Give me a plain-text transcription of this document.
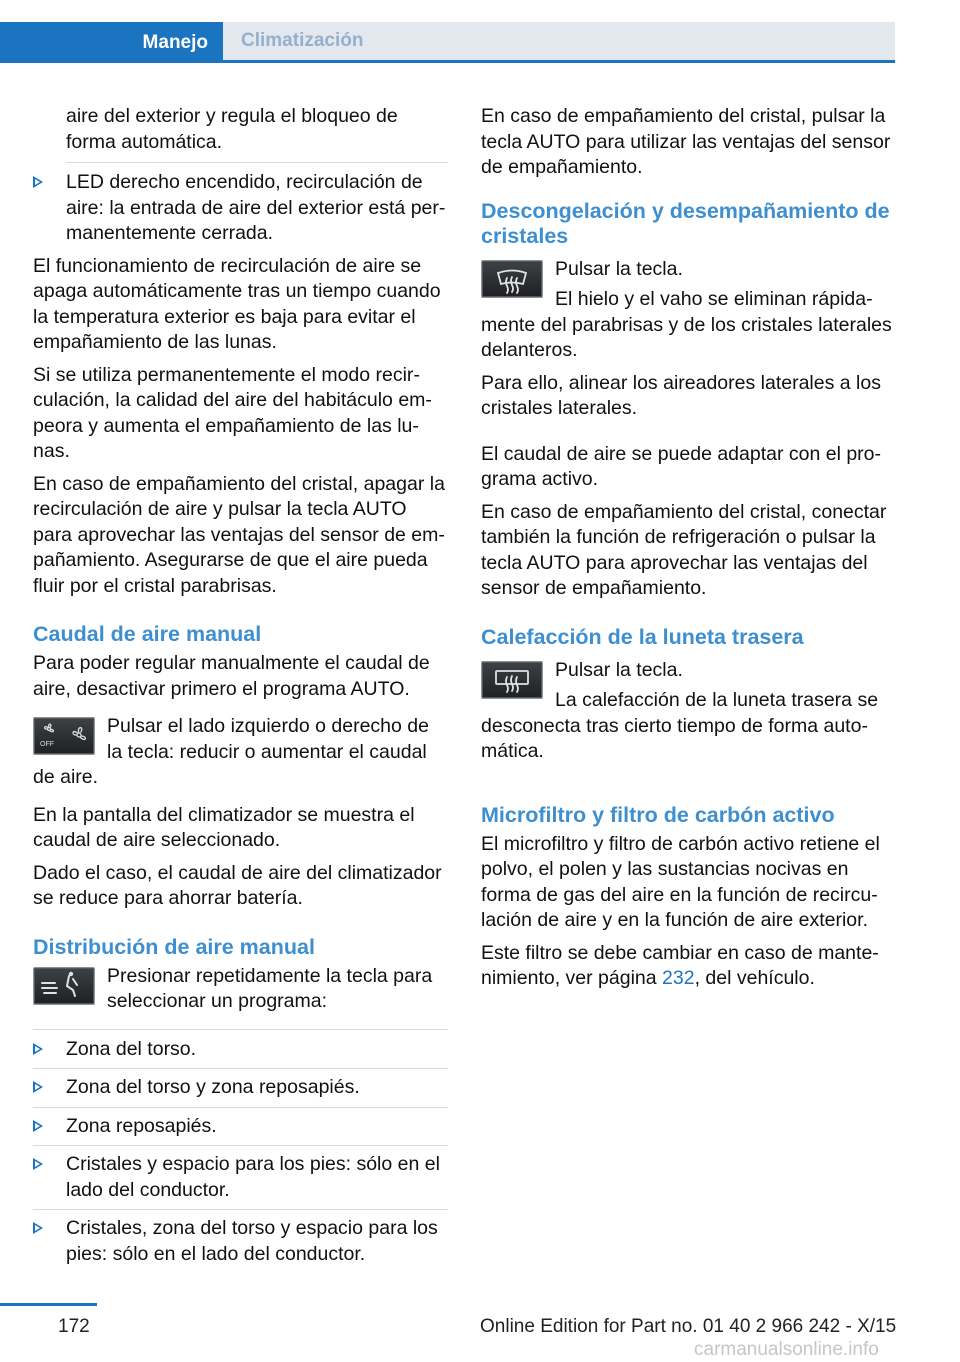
Climatización
Manejo

aire del exterior y regula el bloqueo de forma automática.

LED derecho encendido, recirculación de aire: la entrada de aire del exterior está permanentemente cerrada.

El funcionamiento de recirculación de aire se apaga automáticamente tras un tiempo cuando la temperatura exterior es baja para evitar el empañamiento de las lunas.

Si se utiliza permanentemente el modo recirculación, la calidad del aire del habitáculo empeora y aumenta el empañamiento de las lunas.

En caso de empañamiento del cristal, apagar la recirculación de aire y pulsar la tecla AUTO para aprovechar las ventajas del sensor de empañamiento. Asegurarse de que el aire pueda fluir por el cristal parabrisas.

Caudal de aire manual

Para poder regular manualmente el caudal de aire, desactivar primero el programa AUTO.

OFF
Pulsar el lado izquierdo o derecho de la tecla: reducir o aumentar el caudal de aire.

En la pantalla del climatizador se muestra el caudal de aire seleccionado.

Dado el caso, el caudal de aire del climatizador se reduce para ahorrar batería.

Distribución de aire manual
Presionar repetidamente la tecla para seleccionar un programa:
Zona del torso.
Zona del torso y zona reposapiés.
Zona reposapiés.
Cristales y espacio para los pies: sólo en el lado del conductor.
Cristales, zona del torso y espacio para los pies: sólo en el lado del conductor.

En caso de empañamiento del cristal, pulsar la tecla AUTO para utilizar las ventajas del sensor de empañamiento.

Descongelación y desempañamiento de cristales

Pulsar la tecla.

El hielo y el vaho se eliminan rápidamente del parabrisas y de los cristales laterales delanteros.

Para ello, alinear los aireadores laterales a los cristales laterales.

El caudal de aire se puede adaptar con el programa activo.

En caso de empañamiento del cristal, conectar también la función de refrigeración o pulsar la tecla AUTO para aprovechar las ventajas del sensor de empañamiento.

Calefacción de la luneta trasera

Pulsar la tecla.

La calefacción de la luneta trasera se desconecta tras cierto tiempo de forma automática.

Microfiltro y filtro de carbón activo

El microfiltro y filtro de carbón activo retiene el polvo, el polen y las sustancias nocivas en forma de gas del aire en la función de recirculación de aire y en la función de aire exterior.

Este filtro se debe cambiar en caso de mantenimiento, ver página 232, del vehículo.

172	Online Edition for Part no. 01 40 2 966 242 - X/15
carmanualsonline.info
